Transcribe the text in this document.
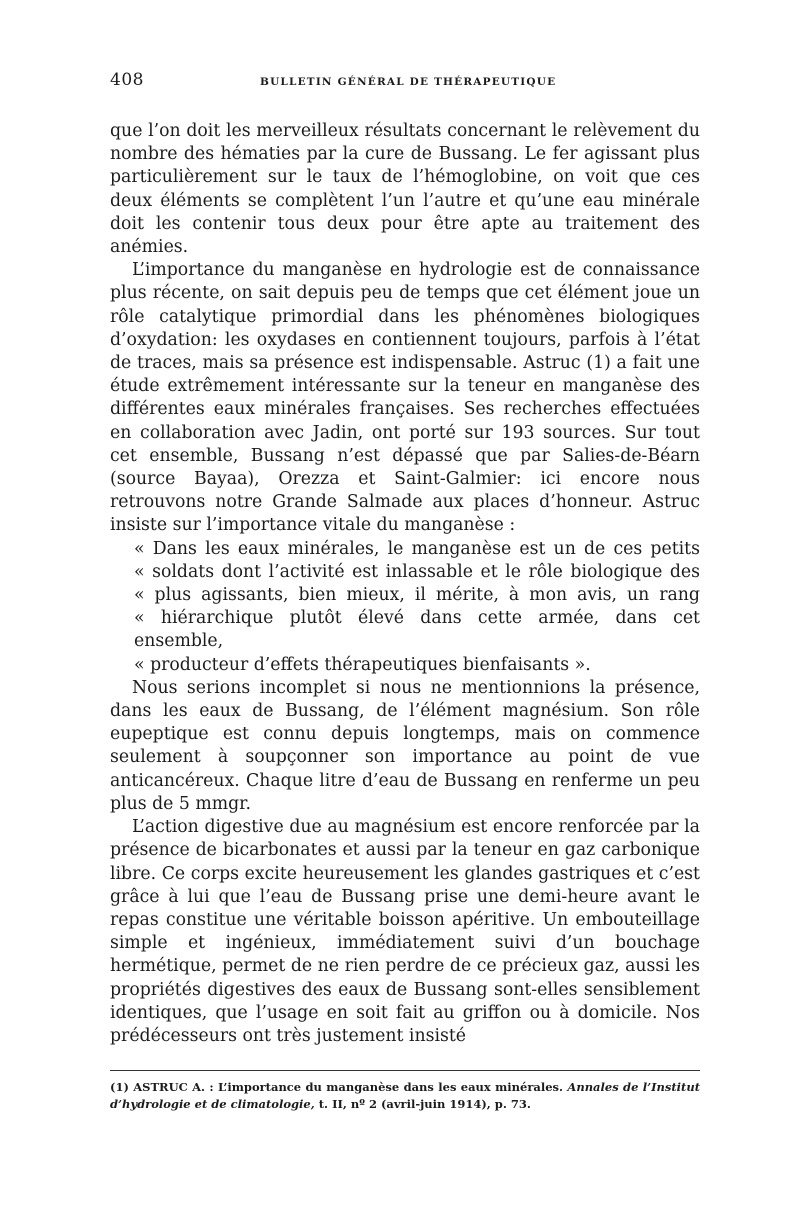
408	BULLETIN GÉNÉRAL DE THÉRAPEUTIQUE

que l’on doit les merveilleux résultats concernant le relèvement du nombre des hématies par la cure de Bussang. Le fer agissant plus particulièrement sur le taux de l’hémoglobine, on voit que ces deux éléments se complètent l’un l’autre et qu’une eau minérale doit les contenir tous deux pour être apte au traitement des anémies.

L’importance du manganèse en hydrologie est de connaissance plus récente, on sait depuis peu de temps que cet élément joue un rôle catalytique primordial dans les phénomènes biologiques d’oxydation: les oxydases en contiennent toujours, parfois à l’état de traces, mais sa présence est indispensable. Astruc (1) a fait une étude extrêmement intéressante sur la teneur en manganèse des différentes eaux minérales françaises. Ses recherches effectuées en collaboration avec Jadin, ont porté sur 193 sources. Sur tout cet ensemble, Bussang n’est dépassé que par Salies-de-Béarn (source Bayaa), Orezza et Saint-Galmier: ici encore nous retrouvons notre Grande Salmade aux places d’honneur. Astruc insiste sur l’importance vitale du manganèse :

« Dans les eaux minérales, le manganèse est un de ces petits
« soldats dont l’activité est inlassable et le rôle biologique des
« plus agissants, bien mieux, il mérite, à mon avis, un rang
« hiérarchique plutôt élevé dans cette armée, dans cet ensemble,
« producteur d’effets thérapeutiques bienfaisants ».

Nous serions incomplet si nous ne mentionnions la présence, dans les eaux de Bussang, de l’élément magnésium. Son rôle eupeptique est connu depuis longtemps, mais on commence seulement à soupçonner son importance au point de vue anticancéreux. Chaque litre d’eau de Bussang en renferme un peu plus de 5 mmgr.

L’action digestive due au magnésium est encore renforcée par la présence de bicarbonates et aussi par la teneur en gaz carbonique libre. Ce corps excite heureusement les glandes gastriques et c’est grâce à lui que l’eau de Bussang prise une demi-heure avant le repas constitue une véritable boisson apéritive. Un embouteillage simple et ingénieux, immédiatement suivi d’un bouchage hermétique, permet de ne rien perdre de ce précieux gaz, aussi les propriétés digestives des eaux de Bussang sont-elles sensiblement identiques, que l’usage en soit fait au griffon ou à domicile. Nos prédécesseurs ont très justement insisté

(1) ASTRUC A. : L’importance du manganèse dans les eaux minérales. Annales de l’Institut d’hydrologie et de climatologie, t. II, nº 2 (avril-juin 1914), p. 73.
